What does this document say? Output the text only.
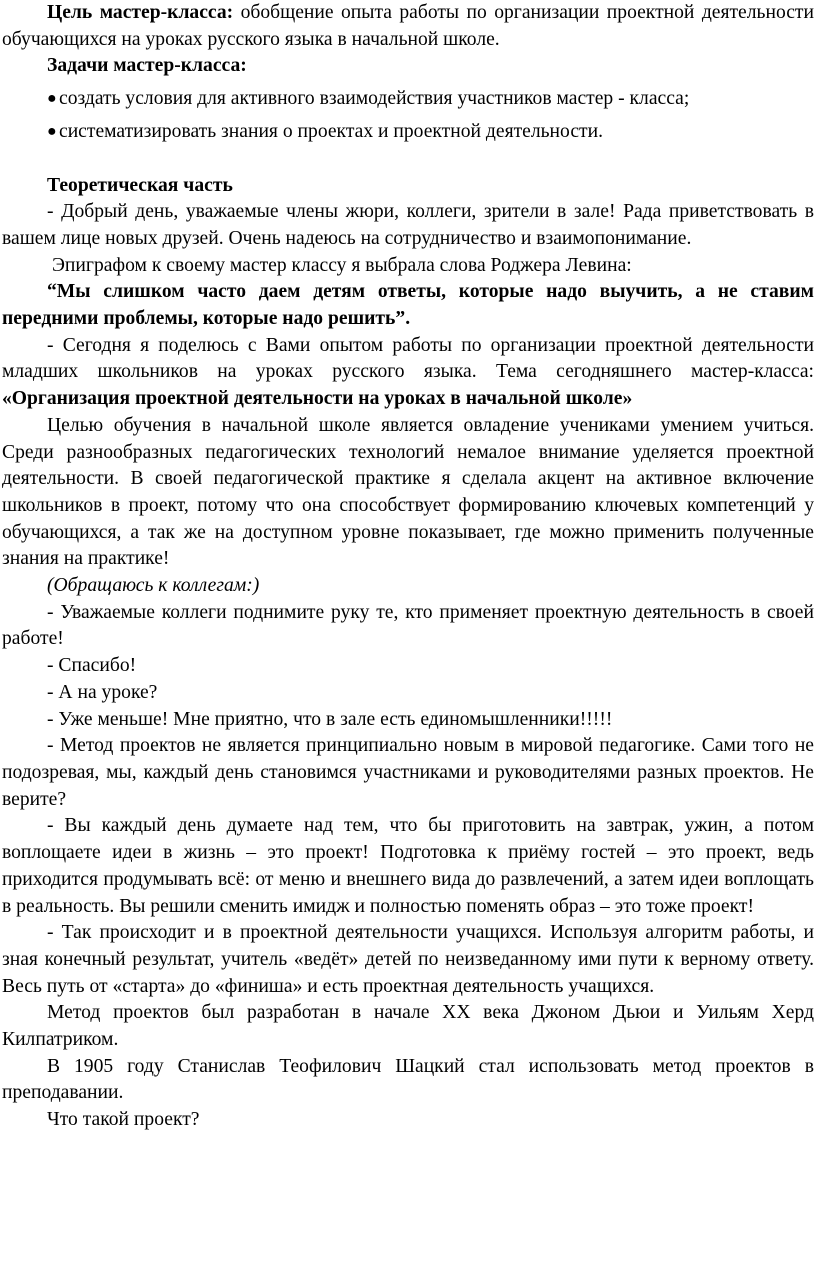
Цель мастер-класса: обобщение опыта работы по организации проектной деятельности обучающихся на уроках русского языка в начальной школе.

Задачи мастер-класса:

● создать условия для активного взаимодействия участников мастер - класса;
● систематизировать знания о проектах и проектной деятельности.

Теоретическая часть

- Добрый день, уважаемые члены жюри, коллеги, зрители в зале! Рада приветствовать в вашем лице новых друзей. Очень надеюсь на сотрудничество и взаимопонимание.

Эпиграфом к своему мастер классу я выбрала слова Роджера Левина:

“Мы слишком часто даем детям ответы, которые надо выучить, а не ставим передними проблемы, которые надо решить”.

- Сегодня я поделюсь с Вами опытом работы по организации проектной деятельности младших школьников на уроках русского языка. Тема сегодняшнего мастер-класса: «Организация проектной деятельности на уроках в начальной школе»

Целью обучения в начальной школе является овладение учениками умением учиться. Среди разнообразных педагогических технологий немалое внимание уделяется проектной деятельности. В своей педагогической практике я сделала акцент на активное включение школьников в проект, потому что она способствует формированию ключевых компетенций у обучающихся, а так же на доступном уровне показывает, где можно применить полученные знания на практике!

(Обращаюсь к коллегам:)

- Уважаемые коллеги поднимите руку те, кто применяет проектную деятельность в своей работе!

- Спасибо!

- А на уроке?

- Уже меньше! Мне приятно, что в зале есть единомышленники!!!!!

- Метод проектов не является принципиально новым в мировой педагогике. Сами того не подозревая, мы, каждый день становимся участниками и руководителями разных проектов. Не верите?

- Вы каждый день думаете над тем, что бы приготовить на завтрак, ужин, а потом воплощаете идеи в жизнь – это проект! Подготовка к приёму гостей – это проект, ведь приходится продумывать всё: от меню и внешнего вида до развлечений, а затем идеи воплощать в реальность. Вы решили сменить имидж и полностью поменять образ – это тоже проект!

- Так происходит и в проектной деятельности учащихся. Используя алгоритм работы, и зная конечный результат, учитель «ведёт» детей по неизведанному ими пути к верному ответу. Весь путь от «старта» до «финиша» и есть проектная деятельность учащихся.

Метод проектов был разработан в начале XX века Джоном Дьюи и Уильям Херд Килпатриком.

В 1905 году Станислав Теофилович Шацкий стал использовать метод проектов в преподавании.

Что такой проект?
